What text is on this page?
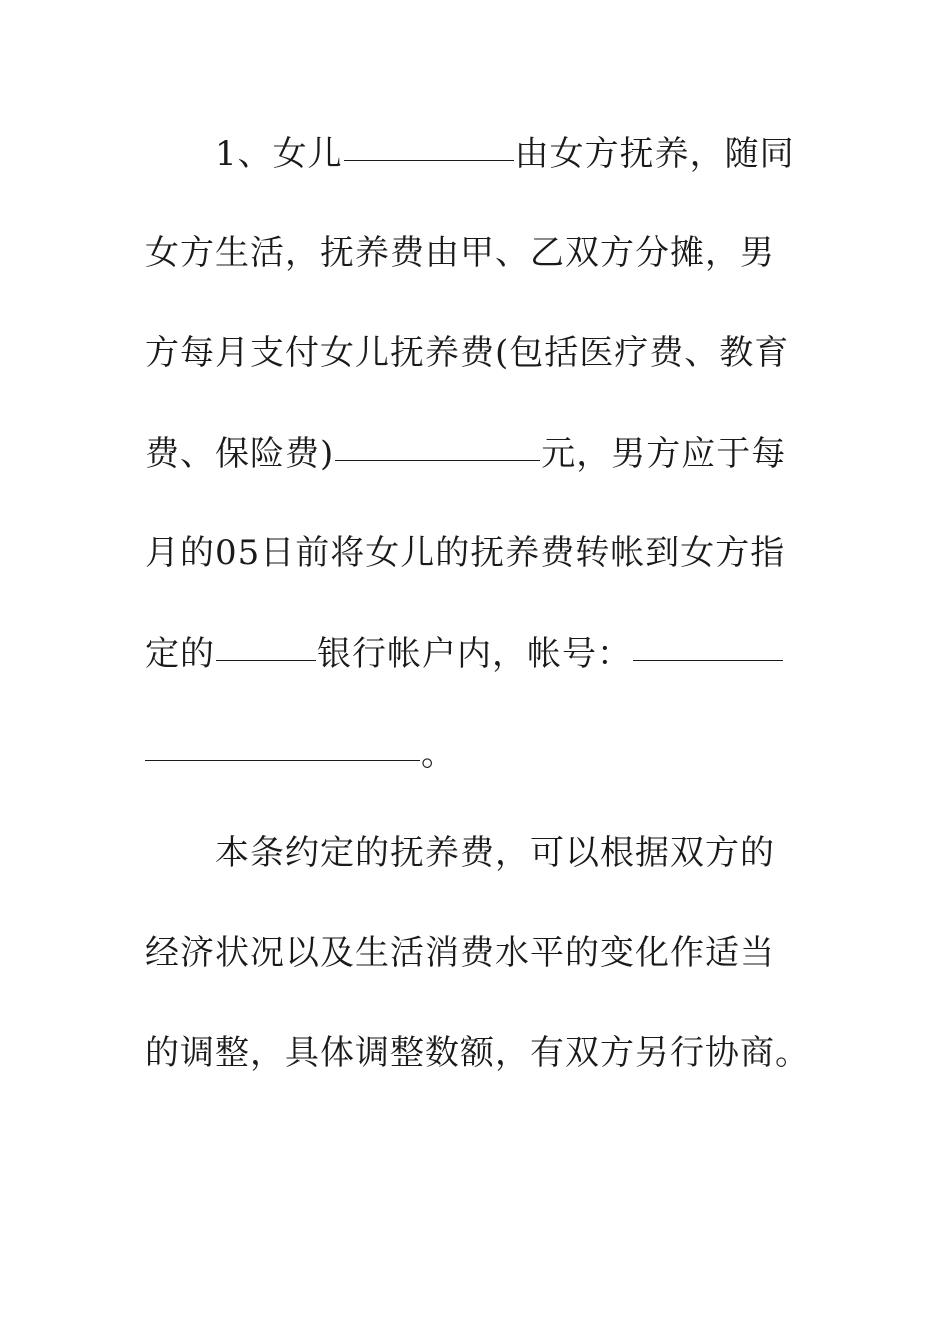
1、女儿	由女方抚养，随同
女方生活，抚养费由甲、乙双方分摊，男
方每月支付女儿抚养费(包括医疗费、教育
费、保险费)	元，男方应于每
月的05日前将女儿的抚养费转帐到女方指
定的	银行帐户内，帐号：
。
本条约定的抚养费，可以根据双方的
经济状况以及生活消费水平的变化作适当
的调整，具体调整数额，有双方另行协商。
